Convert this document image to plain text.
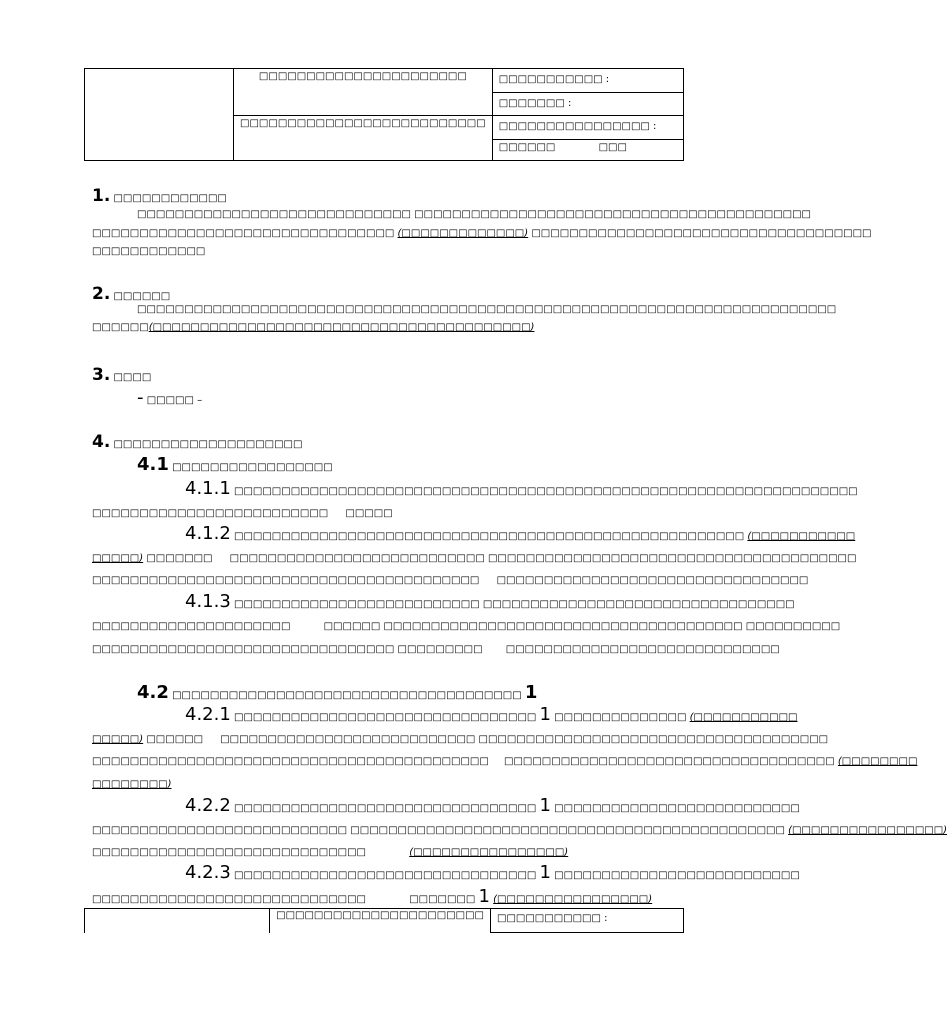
	□□□□□□□□□□□□□□□□□□□□□□	□□□□□□□□□□□ :
		□□□□□□□ :
	□□□□□□□□□□□□□□□□□□□□□□□□□□	□□□□□□□□□□□□□□□□ :
		□□□□□□ □□□
1. □□□□□□□□□□□□
□□□□□□□□□□□□□□□□□□□□□□□□□□□□□ □□□□□□□□□□□□□□□□□□□□□□□□□□□□□□□□□□□□□□□□□□
□□□□□□□□□□□□□□□□□□□□□□□□□□□□□□□□ (□□□□□□□□□□□□□) □□□□□□□□□□□□□□□□□□□□□□□□□□□□□□□□□□□□
□□□□□□□□□□□□
2. □□□□□□
□□□□□□□□□□□□□□□□□□□□□□□□□□□□□□□□□□□□□□□□□□□□□□□□□□□□□□□□□□□□□□□□□□□□□□□□□□
□□□□□□(□□□□□□□□□□□□□□□□□□□□□□□□□□□□□□□□□□□□□□□□)
3. □□□□
- □□□□□ –
4. □□□□□□□□□□□□□□□□□□□□
4.1 □□□□□□□□□□□□□□□□□
4.1.1 □□□□□□□□□□□□□□□□□□□□□□□□□□□□□□□□□□□□□□□□□□□□□□□□□□□□□□□□□□□□□□□□□□
□□□□□□□□□□□□□□□□□□□□□□□□□ □□□□□
4.1.2 □□□□□□□□□□□□□□□□□□□□□□□□□□□□□□□□□□□□□□□□□□□□□□□□□□□□□□ (□□□□□□□□□□□
□□□□□) □□□□□□□ □□□□□□□□□□□□□□□□□□□□□□□□□□□ □□□□□□□□□□□□□□□□□□□□□□□□□□□□□□□□□□□□□□□
□□□□□□□□□□□□□□□□□□□□□□□□□□□□□□□□□□□□□□□□□ □□□□□□□□□□□□□□□□□□□□□□□□□□□□□□□□□
4.1.3 □□□□□□□□□□□□□□□□□□□□□□□□□□ □□□□□□□□□□□□□□□□□□□□□□□□□□□□□□□□□
□□□□□□□□□□□□□□□□□□□□□	□□□□□□ □□□□□□□□□□□□□□□□□□□□□□□□□□□□□□□□□□□□□□ □□□□□□□□□□
□□□□□□□□□□□□□□□□□□□□□□□□□□□□□□□□ □□□□□□□□□ □□□□□□□□□□□□□□□□□□□□□□□□□□□□□
4.2 □□□□□□□□□□□□□□□□□□□□□□□□□□□□□□□□□□□□□ 1
4.2.1 □□□□□□□□□□□□□□□□□□□□□□□□□□□□□□□□ 1 □□□□□□□□□□□□□□ (□□□□□□□□□□□
□□□□□) □□□□□□ □□□□□□□□□□□□□□□□□□□□□□□□□□□ □□□□□□□□□□□□□□□□□□□□□□□□□□□□□□□□□□□□□
□□□□□□□□□□□□□□□□□□□□□□□□□□□□□□□□□□□□□□□□□□ □□□□□□□□□□□□□□□□□□□□□□□□□□□□□□□□□□□ (□□□□□□□□
□□□□□□□□)
4.2.2 □□□□□□□□□□□□□□□□□□□□□□□□□□□□□□□□ 1 □□□□□□□□□□□□□□□□□□□□□□□□□□
□□□□□□□□□□□□□□□□□□□□□□□□□□□ □□□□□□□□□□□□□□□□□□□□□□□□□□□□□□□□□□□□□□□□□□□□□□ (□□□□□□□□□□□□□□□□)
□□□□□□□□□□□□□□□□□□□□□□□□□□□□□	(□□□□□□□□□□□□□□□□)
4.2.3 □□□□□□□□□□□□□□□□□□□□□□□□□□□□□□□□ 1 □□□□□□□□□□□□□□□□□□□□□□□□□□
□□□□□□□□□□□□□□□□□□□□□□□□□□□□□	□□□□□□□ 1 (□□□□□□□□□□□□□□□□)
	□□□□□□□□□□□□□□□□□□□□□□	□□□□□□□□□□□ :
